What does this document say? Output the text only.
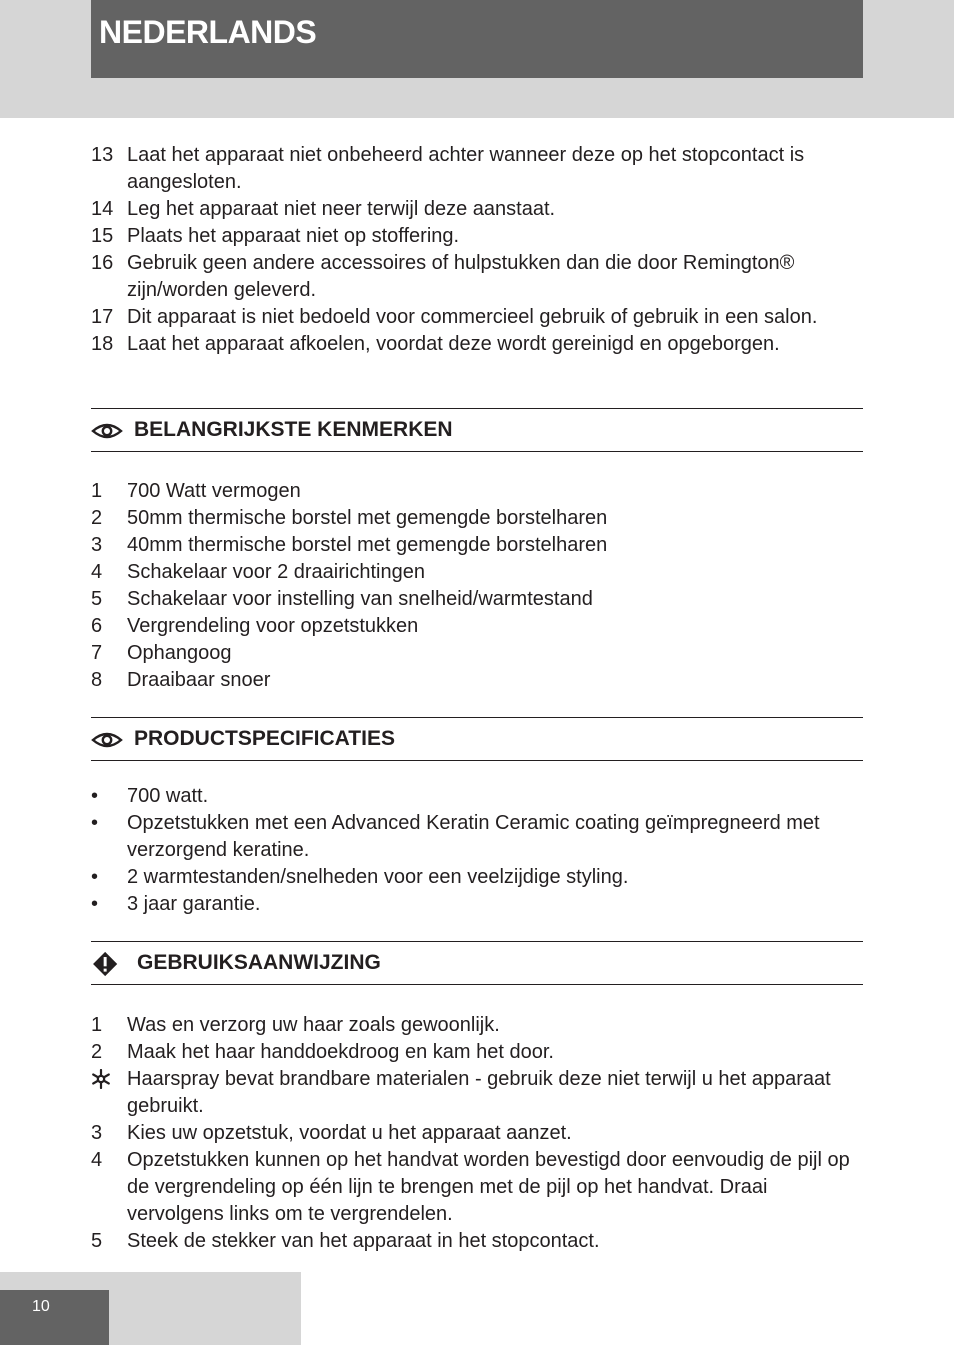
NEDERLANDS
13 Laat het apparaat niet onbeheerd achter wanneer deze op het stopcontact is aangesloten.
14 Leg het apparaat niet neer terwijl deze aanstaat.
15 Plaats het apparaat niet op stoffering.
16 Gebruik geen andere accessoires of hulpstukken dan die door Remington® zijn/worden geleverd.
17 Dit apparaat is niet bedoeld voor commercieel gebruik of gebruik in een salon.
18 Laat het apparaat afkoelen, voordat deze wordt gereinigd en opgeborgen.
BELANGRIJKSTE KENMERKEN
1 700 Watt vermogen
2 50mm thermische borstel met gemengde borstelharen
3 40mm thermische borstel met gemengde borstelharen
4 Schakelaar voor 2 draairichtingen
5 Schakelaar voor instelling van snelheid/warmtestand
6 Vergrendeling voor opzetstukken
7 Ophangoog
8 Draaibaar snoer
PRODUCTSPECIFICATIES
• 700 watt.
• Opzetstukken met een Advanced Keratin Ceramic coating geïmpregneerd met verzorgend keratine.
• 2 warmtestanden/snelheden voor een veelzijdige styling.
• 3 jaar garantie.
GEBRUIKSAANWIJZING
1 Was en verzorg uw haar zoals gewoonlijk.
2 Maak het haar handdoekdroog en kam het door.
Haarspray bevat brandbare materialen - gebruik deze niet terwijl u het apparaat gebruikt.
3 Kies uw opzetstuk, voordat u het apparaat aanzet.
4 Opzetstukken kunnen op het handvat worden bevestigd door eenvoudig de pijl op de vergrendeling op één lijn te brengen met de pijl op het handvat. Draai vervolgens links om te vergrendelen.
5 Steek de stekker van het apparaat in het stopcontact.
10
